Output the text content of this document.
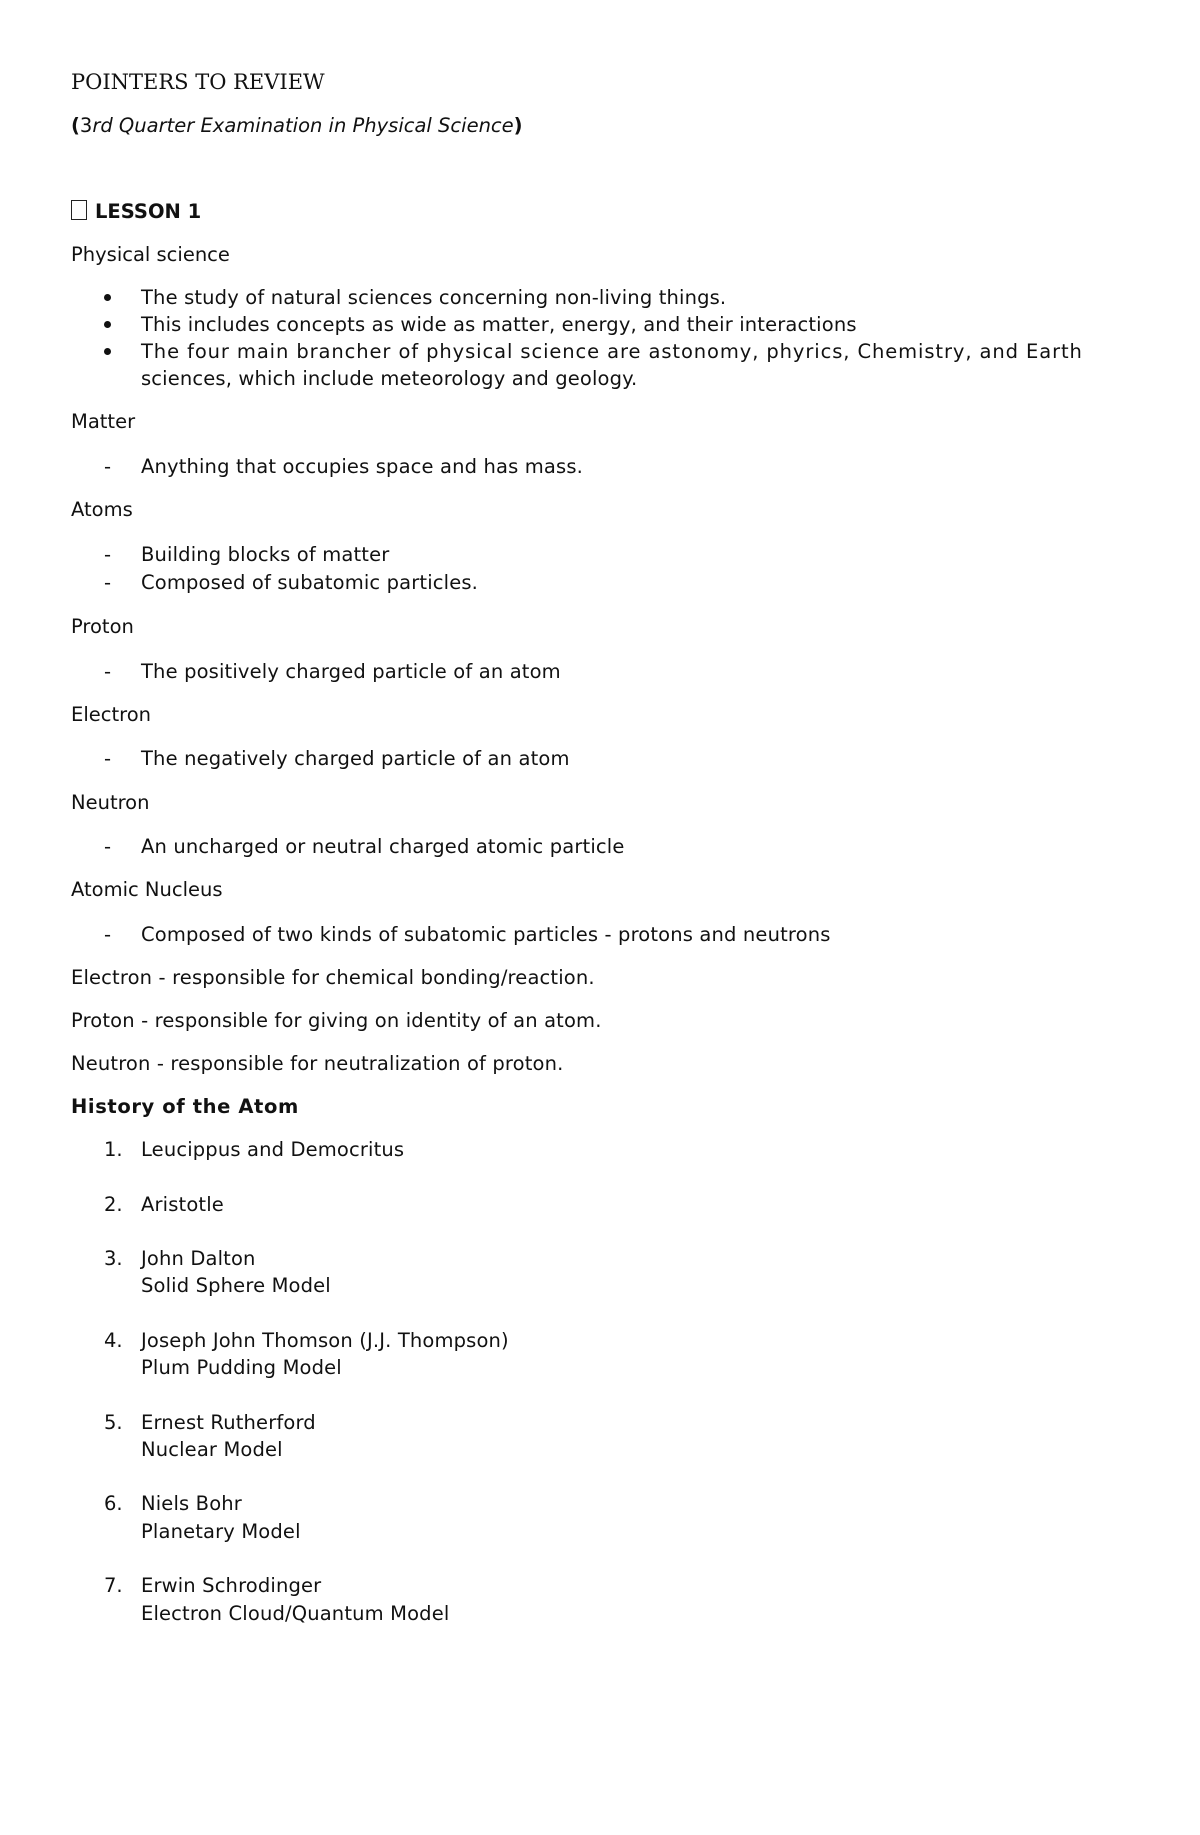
POINTERS TO REVIEW
(3rd Quarter Examination in Physical Science)
LESSON 1
Physical science
The study of natural sciences concerning non-living things.
This includes concepts as wide as matter, energy, and their interactions
The four main brancher of physical science are astonomy, phyrics, Chemistry, and Earth
sciences, which include meteorology and geology.
Matter
- Anything that occupies space and has mass.
Atoms
- Building blocks of matter
- Composed of subatomic particles.
Proton
- The positively charged particle of an atom
Electron
- The negatively charged particle of an atom
Neutron
- An uncharged or neutral charged atomic particle
Atomic Nucleus
- Composed of two kinds of subatomic particles - protons and neutrons
Electron - responsible for chemical bonding/reaction.
Proton - responsible for giving on identity of an atom.
Neutron - responsible for neutralization of proton.
History of the Atom
1. Leucippus and Democritus
2. Aristotle
3. John Dalton
Solid Sphere Model
4. Joseph John Thomson (J.J. Thompson)
Plum Pudding Model
5. Ernest Rutherford
Nuclear Model
6. Niels Bohr
Planetary Model
7. Erwin Schrodinger
Electron Cloud/Quantum Model
